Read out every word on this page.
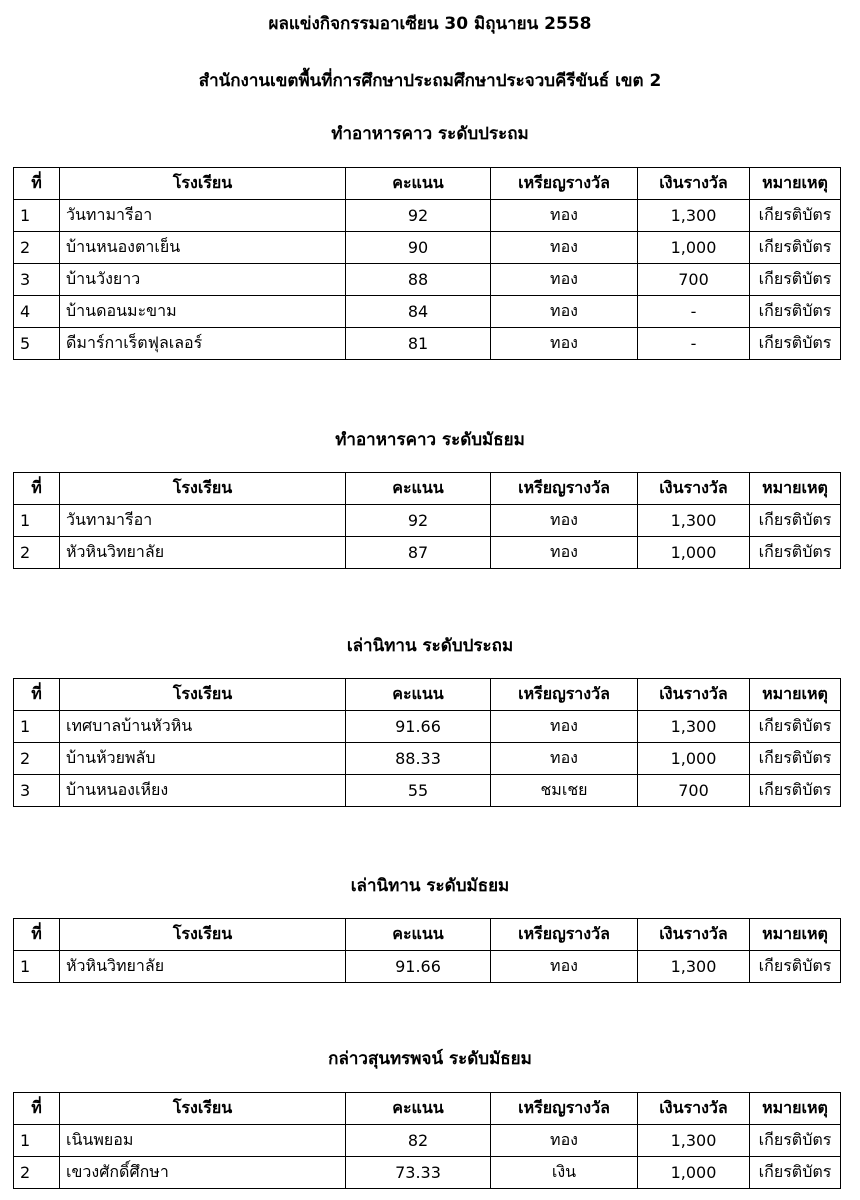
ผลแข่งกิจกรรมอาเซียน 30 มิถุนายน 2558
สำนักงานเขตพื้นที่การศึกษาประถมศึกษาประจวบคีรีขันธ์ เขต 2
ทำอาหารคาว ระดับประถม
ที่	โรงเรียน	คะแนน	เหรียญรางวัล	เงินรางวัล	หมายเหตุ
1	วันทามารีอา	92	ทอง	1,300	เกียรติบัตร
2	บ้านหนองตาเย็น	90	ทอง	1,000	เกียรติบัตร
3	บ้านวังยาว	88	ทอง	700	เกียรติบัตร
4	บ้านดอนมะขาม	84	ทอง	-	เกียรติบัตร
5	ดีมาร์กาเร็ตฟุลเลอร์	81	ทอง	-	เกียรติบัตร
ทำอาหารคาว ระดับมัธยม
ที่	โรงเรียน	คะแนน	เหรียญรางวัล	เงินรางวัล	หมายเหตุ
1	วันทามารีอา	92	ทอง	1,300	เกียรติบัตร
2	หัวหินวิทยาลัย	87	ทอง	1,000	เกียรติบัตร
เล่านิทาน ระดับประถม
ที่	โรงเรียน	คะแนน	เหรียญรางวัล	เงินรางวัล	หมายเหตุ
1	เทศบาลบ้านหัวหิน	91.66	ทอง	1,300	เกียรติบัตร
2	บ้านห้วยพลับ	88.33	ทอง	1,000	เกียรติบัตร
3	บ้านหนองเหียง	55	ชมเชย	700	เกียรติบัตร
เล่านิทาน ระดับมัธยม
ที่	โรงเรียน	คะแนน	เหรียญรางวัล	เงินรางวัล	หมายเหตุ
1	หัวหินวิทยาลัย	91.66	ทอง	1,300	เกียรติบัตร
กล่าวสุนทรพจน์ ระดับมัธยม
ที่	โรงเรียน	คะแนน	เหรียญรางวัล	เงินรางวัล	หมายเหตุ
1	เนินพยอม	82	ทอง	1,300	เกียรติบัตร
2	เขวงศักดิ์ศึกษา	73.33	เงิน	1,000	เกียรติบัตร
